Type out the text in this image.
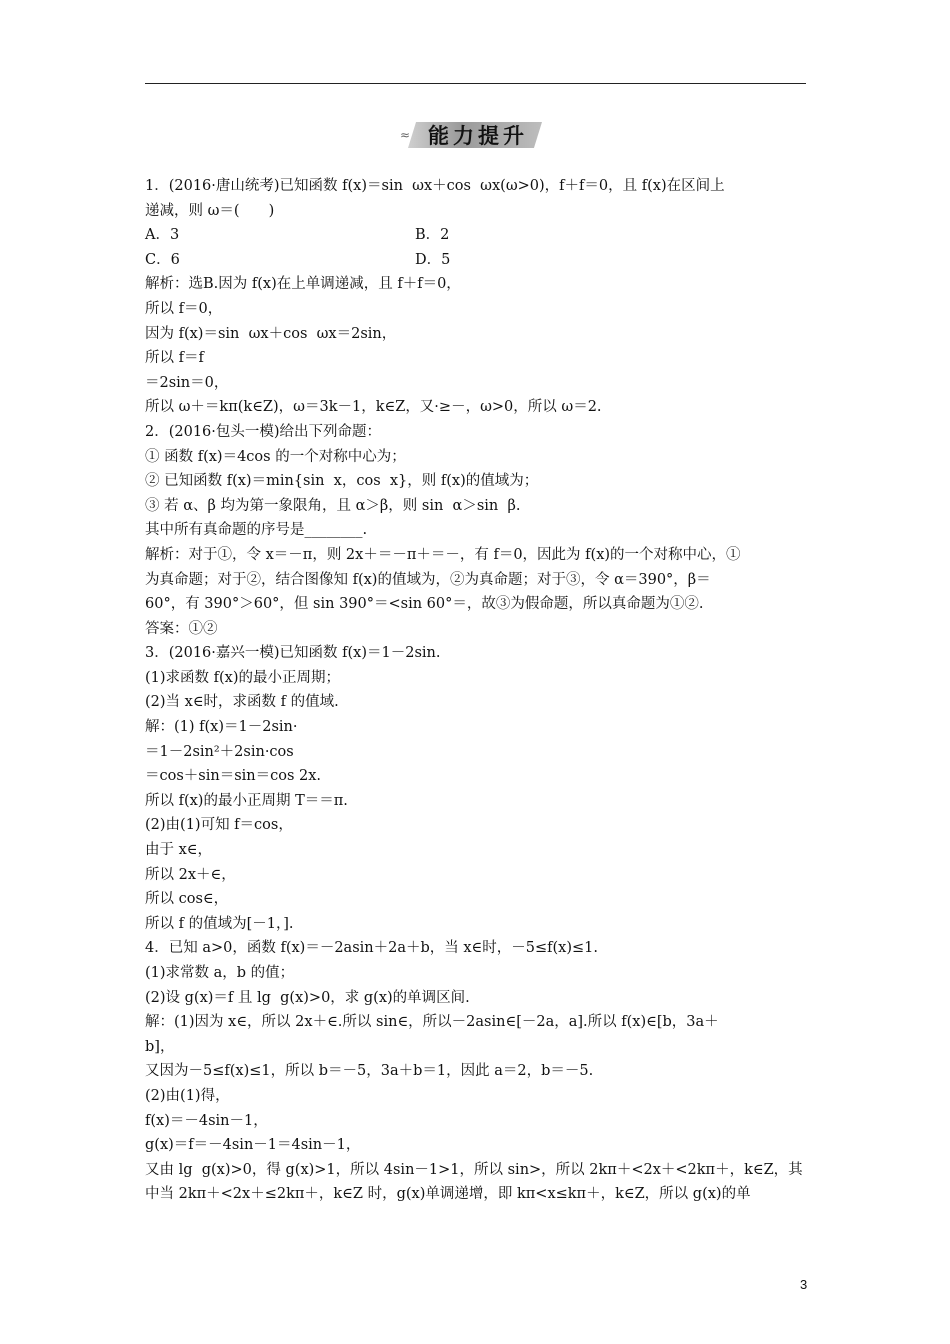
≈ 能力提升
1．(2016·唐山统考)已知函数 f(x)＝sin  ωx＋cos  ωx(ω>0)，f＋f＝0，且 f(x)在区间上
递减，则 ω＝(　　)
A．3	B．2
C．6	D．5
解析：选B.因为 f(x)在上单调递减，且 f＋f＝0，
所以 f＝0，
因为 f(x)＝sin  ωx＋cos  ωx＝2sin，
所以 f＝f
＝2sin＝0，
所以 ω＋＝kπ(k∈Z)，ω＝3k－1，k∈Z，又·≥－，ω>0，所以 ω＝2.
2．(2016·包头一模)给出下列命题：
① 函数 f(x)＝4cos 的一个对称中心为；
② 已知函数 f(x)＝min{sin  x，cos  x}，则 f(x)的值域为；
③ 若 α、β 均为第一象限角，且 α＞β，则 sin  α＞sin  β.
其中所有真命题的序号是________.
解析：对于①，令 x＝－π，则 2x＋＝－π＋＝－，有 f＝0，因此为 f(x)的一个对称中心，①
为真命题；对于②，结合图像知 f(x)的值域为，②为真命题；对于③，令 α＝390°，β＝
60°，有 390°＞60°，但 sin 390°＝<sin 60°＝，故③为假命题，所以真命题为①②.
答案：①②
3．(2016·嘉兴一模)已知函数 f(x)＝1－2sin.
(1)求函数 f(x)的最小正周期；
(2)当 x∈时，求函数 f 的值域.
解：(1) f(x)＝1－2sin·
＝1－2sin²＋2sin·cos
＝cos＋sin＝sin＝cos 2x.
所以 f(x)的最小正周期 T＝＝π.
(2)由(1)可知 f＝cos，
由于 x∈，
所以 2x＋∈，
所以 cos∈，
所以 f 的值域为[－1，].
4．已知 a>0，函数 f(x)＝－2asin＋2a＋b，当 x∈时，－5≤f(x)≤1.
(1)求常数 a，b 的值；
(2)设 g(x)＝f 且 lg  g(x)>0，求 g(x)的单调区间.
解：(1)因为 x∈，所以 2x＋∈.所以 sin∈，所以－2asin∈[－2a，a].所以 f(x)∈[b，3a＋
b]，
又因为－5≤f(x)≤1，所以 b＝－5，3a＋b＝1，因此 a＝2，b＝－5.
(2)由(1)得，
f(x)＝－4sin－1，
g(x)＝f＝－4sin－1＝4sin－1，
又由 lg  g(x)>0，得 g(x)>1，所以 4sin－1>1，所以 sin>，所以 2kπ＋<2x＋<2kπ＋，k∈Z，其
中当 2kπ＋<2x＋≤2kπ＋，k∈Z 时，g(x)单调递增，即 kπ<x≤kπ＋，k∈Z，所以 g(x)的单
3
